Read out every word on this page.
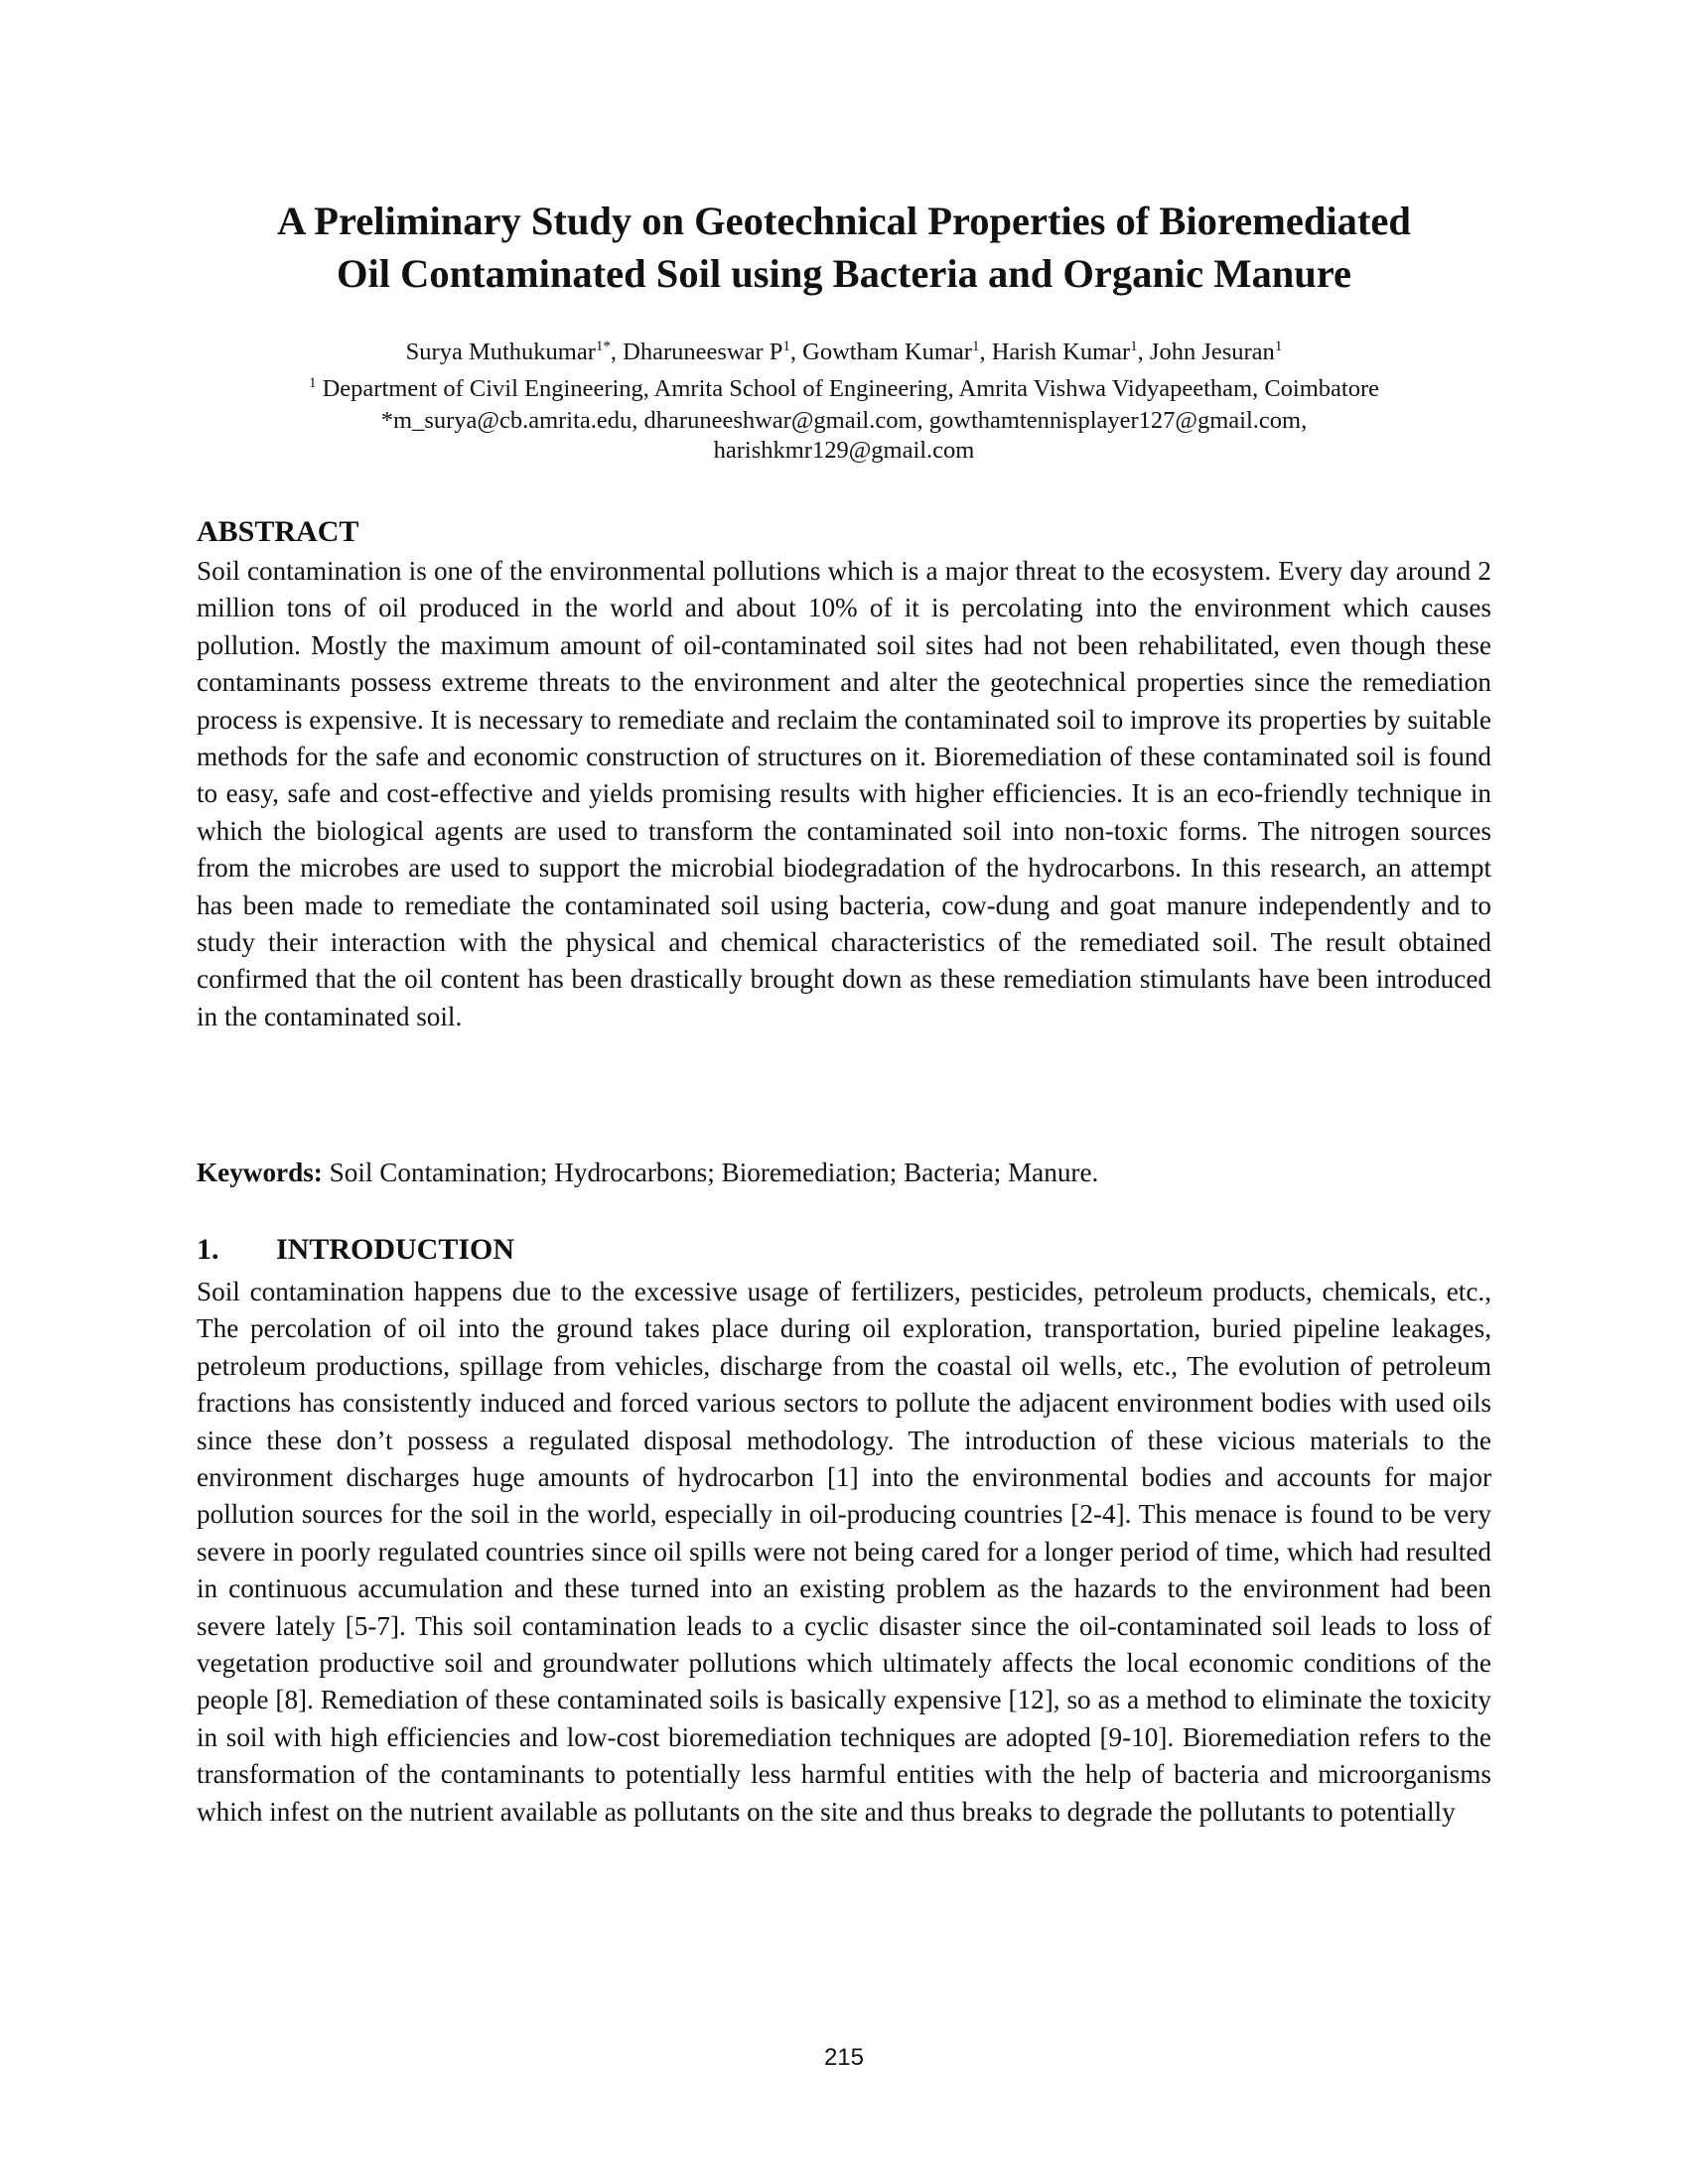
A Preliminary Study on Geotechnical Properties of Bioremediated
Oil Contaminated Soil using Bacteria and Organic Manure
Surya Muthukumar$^{1*}$, Dharuneeswar $P^1$, Gowtham Kumar$^1$, Harish Kumar$^1$, John Jesuran$^1$
$^1$ Department of Civil Engineering, Amrita School of Engineering, Amrita Vishwa Vidyapeetham, Coimbatore
*m_surya@cb.amrita.edu, dharuneeshwar@gmail.com, gowthamtennisplayer127@gmail.com,
harishkmr129@gmail.com
ABSTRACT

Soil contamination is one of the environmental pollutions which is a major threat to the ecosystem. Every day around 2 million tons of oil produced in the world and about 10% of it is percolating into the environment which causes pollution. Mostly the maximum amount of oil-contaminated soil sites had not been rehabilitated, even though these contaminants possess extreme threats to the environment and alter the geotechnical properties since the remediation process is expensive. It is necessary to remediate and reclaim the contaminated soil to improve its properties by suitable methods for the safe and economic construction of structures on it. Bioremediation of these contaminated soil is found to easy, safe and cost-effective and yields promising results with higher efficiencies. It is an eco-friendly technique in which the biological agents are used to transform the contaminated soil into non-toxic forms. The nitrogen sources from the microbes are used to support the microbial biodegradation of the hydrocarbons. In this research, an attempt has been made to remediate the contaminated soil using bacteria, cow-dung and goat manure independently and to study their interaction with the physical and chemical characteristics of the remediated soil. The result obtained confirmed that the oil content has been drastically brought down as these remediation stimulants have been introduced in the contaminated soil.

Keywords: Soil Contamination; Hydrocarbons; Bioremediation; Bacteria; Manure.
1. INTRODUCTION

Soil contamination happens due to the excessive usage of fertilizers, pesticides, petroleum products, chemicals, etc., The percolation of oil into the ground takes place during oil exploration, transportation, buried pipeline leakages, petroleum productions, spillage from vehicles, discharge from the coastal oil wells, etc., The evolution of petroleum fractions has consistently induced and forced various sectors to pollute the adjacent environment bodies with used oils since these don’t possess a regulated disposal methodology. The introduction of these vicious materials to the environment discharges huge amounts of hydrocarbon [1] into the environmental bodies and accounts for major pollution sources for the soil in the world, especially in oil-producing countries [2-4]. This menace is found to be very severe in poorly regulated countries since oil spills were not being cared for a longer period of time, which had resulted in continuous accumulation and these turned into an existing problem as the hazards to the environment had been severe lately [5-7]. This soil contamination leads to a cyclic disaster since the oil-contaminated soil leads to loss of vegetation productive soil and groundwater pollutions which ultimately affects the local economic conditions of the people [8]. Remediation of these contaminated soils is basically expensive [12], so as a method to eliminate the toxicity in soil with high efficiencies and low-cost bioremediation techniques are adopted [9-10]. Bioremediation refers to the transformation of the contaminants to potentially less harmful entities with the help of bacteria and microorganisms which infest on the nutrient available as pollutants on the site and thus breaks to degrade the pollutants to potentially

215
